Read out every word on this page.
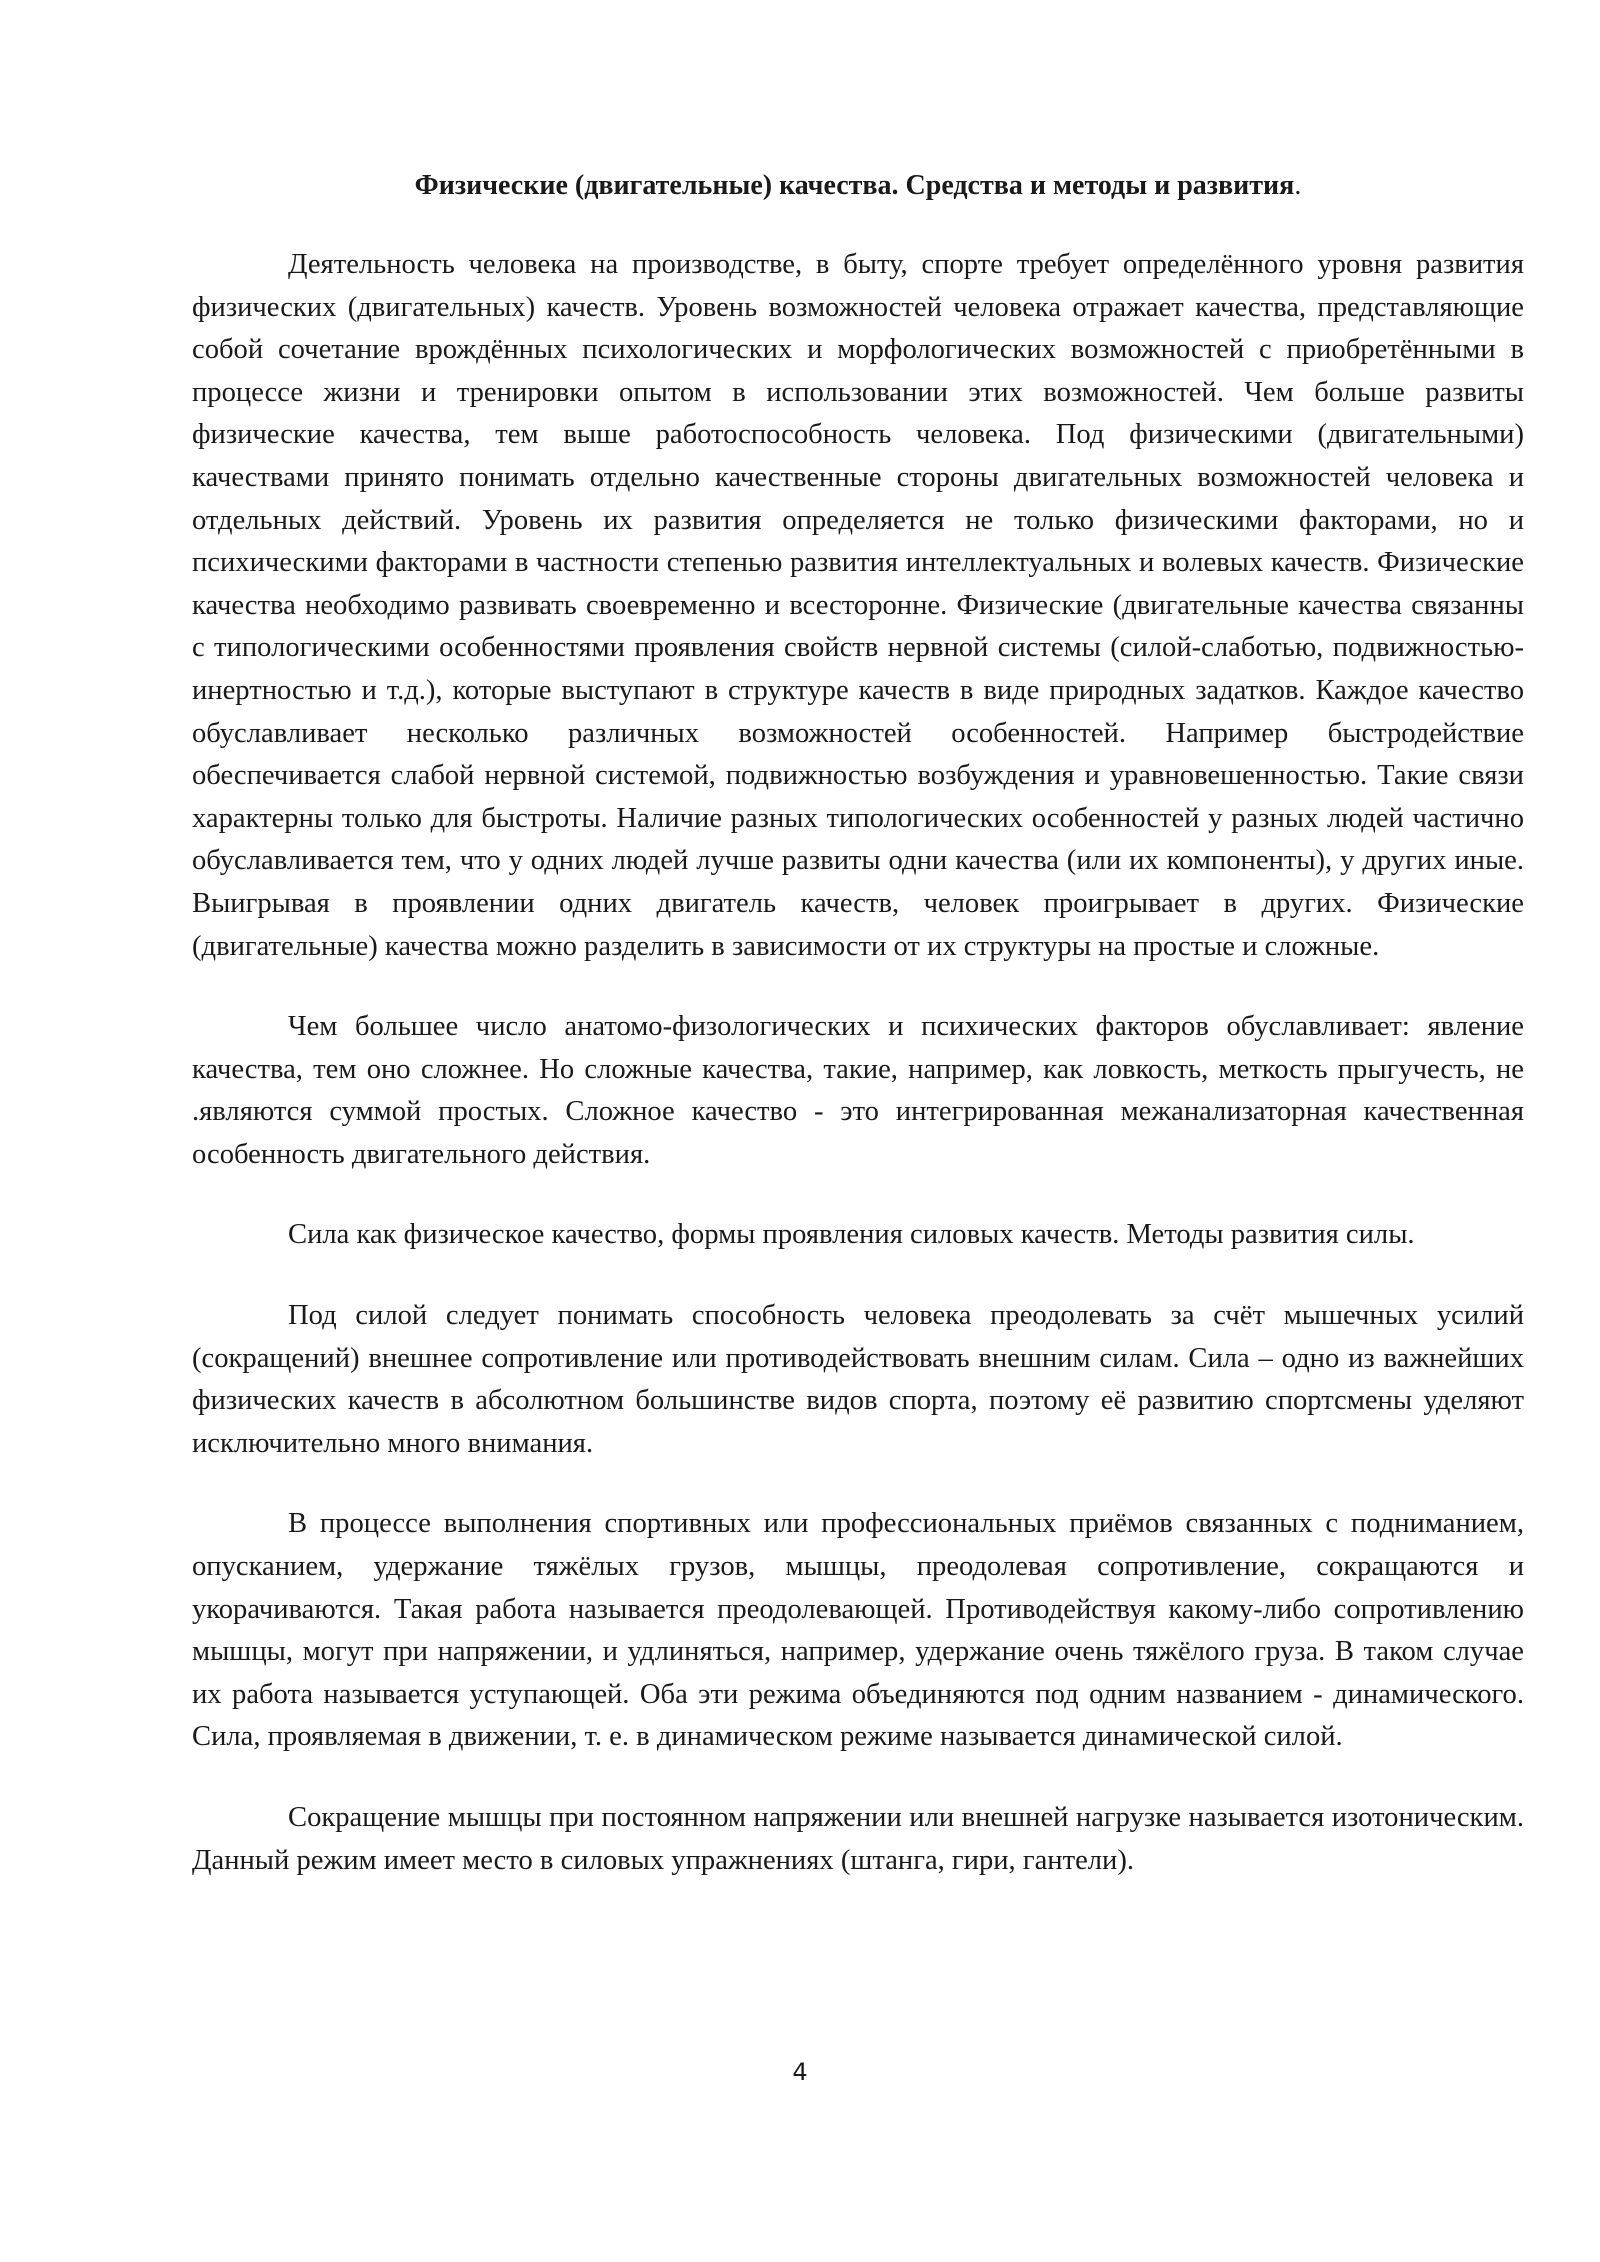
Физические (двигательные) качества. Средства и методы и развития.

Деятельность человека на производстве, в быту, спорте требует определённого уровня развития физических (двигательных) качеств. Уровень возможностей человека отражает качества, представляющие собой сочетание врождённых психологических и морфологических возможностей с приобретёнными в процессе жизни и тренировки опытом в использовании этих возможностей. Чем больше развиты физические качества, тем выше работоспособность человека. Под физическими (двигательными) качествами принято понимать отдельно качественные стороны двигательных возможностей человека и отдельных действий. Уровень их развития определяется не только физическими факторами, но и психическими факторами в частности степенью развития интеллектуальных и волевых качеств. Физические качества необходимо развивать своевременно и всесторонне. Физические (двигательные качества связанны с типологическими особенностями проявления свойств нервной системы (силой-слаботью, подвижностью-инертностью и т.д.), которые выступают в структуре качеств в виде природных задатков. Каждое качество обуславливает несколько различных возможностей особенностей. Например быстродействие обеспечивается слабой нервной системой, подвижностью возбуждения и уравновешенностью. Такие связи характерны только для быстроты. Наличие разных типологических особенностей у разных людей частично обуславливается тем, что у одних людей лучше развиты одни качества (или их компоненты), у других иные. Выигрывая в проявлении одних двигатель качеств, человек проигрывает в других. Физические (двигательные) качества можно разделить в зависимости от их структуры на простые и сложные.

Чем большее число анатомо-физологических и психических факторов обуславливает: явление качества, тем оно сложнее. Но сложные качества, такие, например, как ловкость, меткость прыгучесть, не .являются суммой простых. Сложное качество - это интегрированная межанализаторная качественная особенность двигательного действия.

Сила как физическое качество, формы проявления силовых качеств. Методы развития силы.

Под силой следует понимать способность человека преодолевать за счёт мышечных усилий (сокращений) внешнее сопротивление или противодействовать внешним силам. Сила – одно из важнейших физических качеств в абсолютном большинстве видов спорта, поэтому её развитию спортсмены уделяют исключительно много внимания.

В процессе выполнения спортивных или профессиональных приёмов связанных с подниманием, опусканием, удержание тяжёлых грузов, мышцы, преодолевая сопротивление, сокращаются и укорачиваются. Такая работа называется преодолевающей. Противодействуя какому-либо сопротивлению мышцы, могут при напряжении, и удлиняться, например, удержание очень тяжёлого груза. В таком случае их работа называется уступающей. Оба эти режима объединяются под одним названием - динамического. Сила, проявляемая в движении, т. е. в динамическом режиме называется динамической силой.

Сокращение мышцы при постоянном напряжении или внешней нагрузке называется изотоническим. Данный режим имеет место в силовых упражнениях (штанга, гири, гантели).

4
